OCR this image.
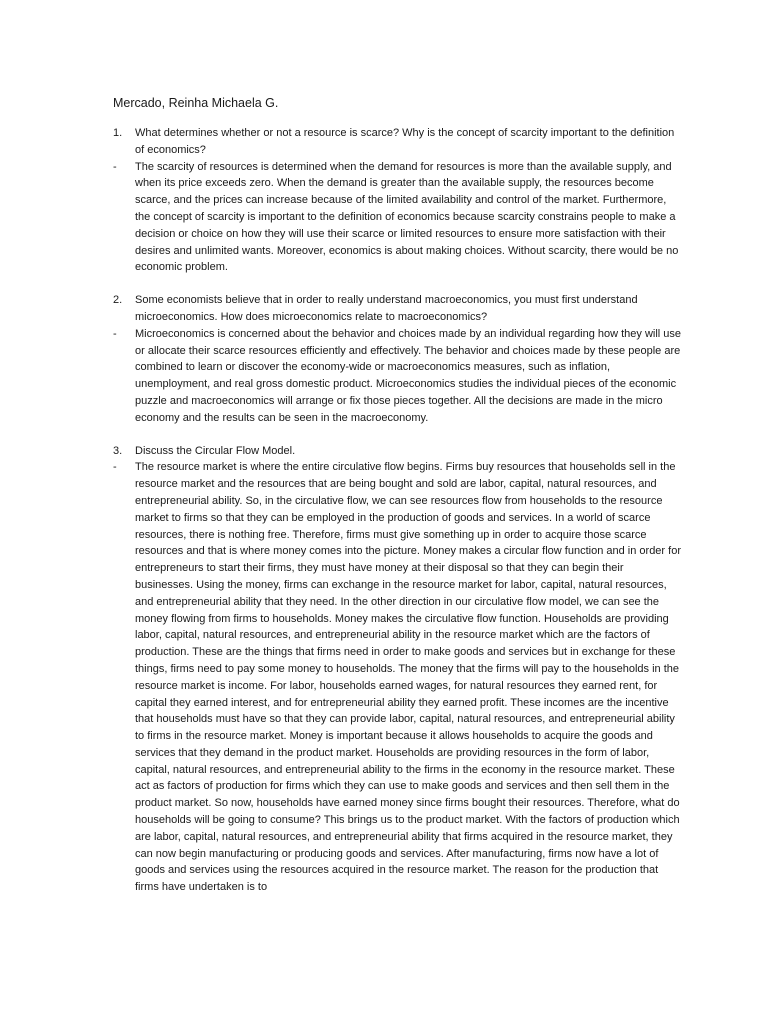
Mercado, Reinha Michaela G.
1.	What determines whether or not a resource is scarce? Why is the concept of scarcity important to the definition of economics?
-	The scarcity of resources is determined when the demand for resources is more than the available supply, and when its price exceeds zero. When the demand is greater than the available supply, the resources become scarce, and the prices can increase because of the limited availability and control of the market. Furthermore, the concept of scarcity is important to the definition of economics because scarcity constrains people to make a decision or choice on how they will use their scarce or limited resources to ensure more satisfaction with their desires and unlimited wants. Moreover, economics is about making choices. Without scarcity, there would be no economic problem.
2.	Some economists believe that in order to really understand macroeconomics, you must first understand microeconomics. How does microeconomics relate to macroeconomics?
-	Microeconomics is concerned about the behavior and choices made by an individual regarding how they will use or allocate their scarce resources efficiently and effectively. The behavior and choices made by these people are combined to learn or discover the economy-wide or macroeconomics measures, such as inflation, unemployment, and real gross domestic product. Microeconomics studies the individual pieces of the economic puzzle and macroeconomics will arrange or fix those pieces together. All the decisions are made in the micro economy and the results can be seen in the macroeconomy.
3.	Discuss the Circular Flow Model.
-	The resource market is where the entire circulative flow begins. Firms buy resources that households sell in the resource market and the resources that are being bought and sold are labor, capital, natural resources, and entrepreneurial ability. So, in the circulative flow, we can see resources flow from households to the resource market to firms so that they can be employed in the production of goods and services. In a world of scarce resources, there is nothing free. Therefore, firms must give something up in order to acquire those scarce resources and that is where money comes into the picture. Money makes a circular flow function and in order for entrepreneurs to start their firms, they must have money at their disposal so that they can begin their businesses. Using the money, firms can exchange in the resource market for labor, capital, natural resources, and entrepreneurial ability that they need. In the other direction in our circulative flow model, we can see the money flowing from firms to households. Money makes the circulative flow function. Households are providing labor, capital, natural resources, and entrepreneurial ability in the resource market which are the factors of production. These are the things that firms need in order to make goods and services but in exchange for these things, firms need to pay some money to households. The money that the firms will pay to the households in the resource market is income. For labor, households earned wages, for natural resources they earned rent, for capital they earned interest, and for entrepreneurial ability they earned profit. These incomes are the incentive that households must have so that they can provide labor, capital, natural resources, and entrepreneurial ability to firms in the resource market. Money is important because it allows households to acquire the goods and services that they demand in the product market. Households are providing resources in the form of labor, capital, natural resources, and entrepreneurial ability to the firms in the economy in the resource market. These act as factors of production for firms which they can use to make goods and services and then sell them in the product market. So now, households have earned money since firms bought their resources. Therefore, what do households will be going to consume? This brings us to the product market. With the factors of production which are labor, capital, natural resources, and entrepreneurial ability that firms acquired in the resource market, they can now begin manufacturing or producing goods and services. After manufacturing, firms now have a lot of goods and services using the resources acquired in the resource market. The reason for the production that firms have undertaken is to
